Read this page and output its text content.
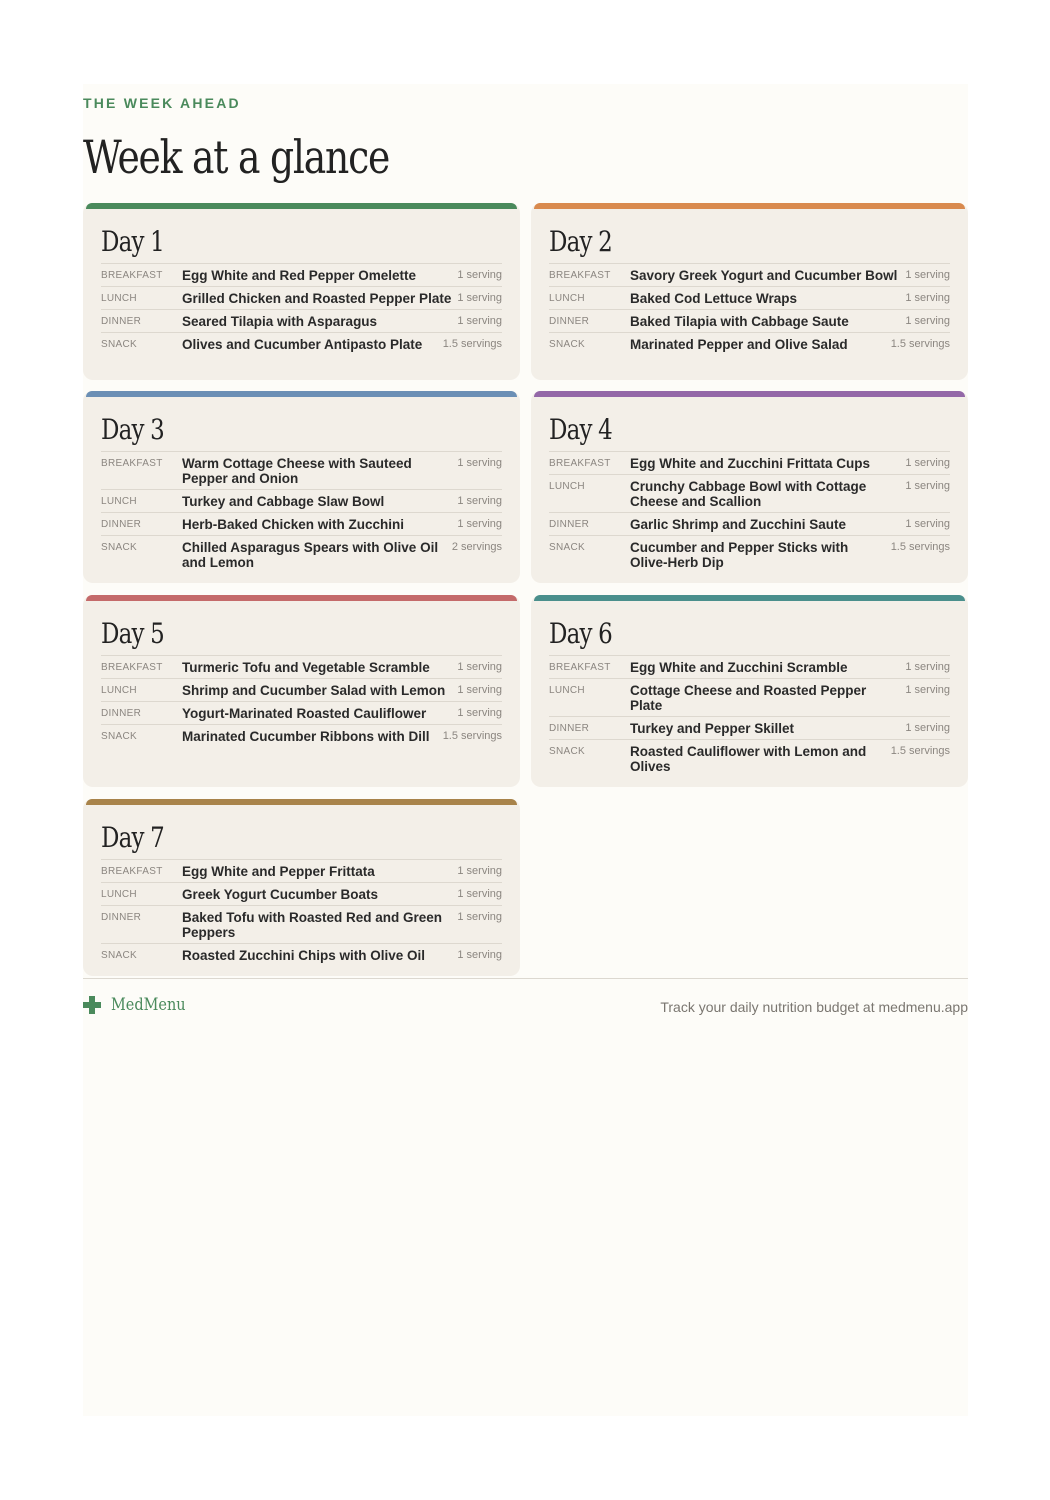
THE WEEK AHEAD
Week at a glance
Day 1
BREAKFAST	Egg White and Red Pepper Omelette	1 serving
LUNCH	Grilled Chicken and Roasted Pepper Plate 1 serving
DINNER	Seared Tilapia with Asparagus	1 serving
SNACK	Olives and Cucumber Antipasto Plate	1.5 servings
Day 2
BREAKFAST	Savory Greek Yogurt and Cucumber Bowl 1 serving
LUNCH	Baked Cod Lettuce Wraps	1 serving
DINNER	Baked Tilapia with Cabbage Saute	1 serving
SNACK	Marinated Pepper and Olive Salad	1.5 servings
Day 3
BREAKFAST	Warm Cottage Cheese with Sauteed Pepper and Onion
1 serving
LUNCH	Turkey and Cabbage Slaw Bowl	1 serving
DINNER	Herb-Baked Chicken with Zucchini	1 serving
SNACK	Chilled Asparagus Spears with Olive Oil and Lemon
2 servings
Day 4
BREAKFAST	Egg White and Zucchini Frittata Cups	1 serving
LUNCH	Crunchy Cabbage Bowl with Cottage Cheese and Scallion
1 serving
DINNER	Garlic Shrimp and Zucchini Saute	1 serving
SNACK	Cucumber and Pepper Sticks with Olive-Herb Dip
1.5 servings
Day 5
BREAKFAST	Turmeric Tofu and Vegetable Scramble	1 serving
LUNCH	Shrimp and Cucumber Salad with Lemon	1 serving
DINNER	Yogurt-Marinated Roasted Cauliflower	1 serving
SNACK	Marinated Cucumber Ribbons with Dill	1.5 servings
Day 6
BREAKFAST	Egg White and Zucchini Scramble	1 serving
LUNCH	Cottage Cheese and Roasted Pepper Plate
1 serving
DINNER	Turkey and Pepper Skillet	1 serving
SNACK	Roasted Cauliflower with Lemon and Olives
1.5 servings
Day 7
BREAKFAST	Egg White and Pepper Frittata	1 serving
LUNCH	Greek Yogurt Cucumber Boats	1 serving
DINNER	Baked Tofu with Roasted Red and Green Peppers
1 serving
SNACK	Roasted Zucchini Chips with Olive Oil	1 serving
MedMenu	Track your daily nutrition budget at medmenu.app
